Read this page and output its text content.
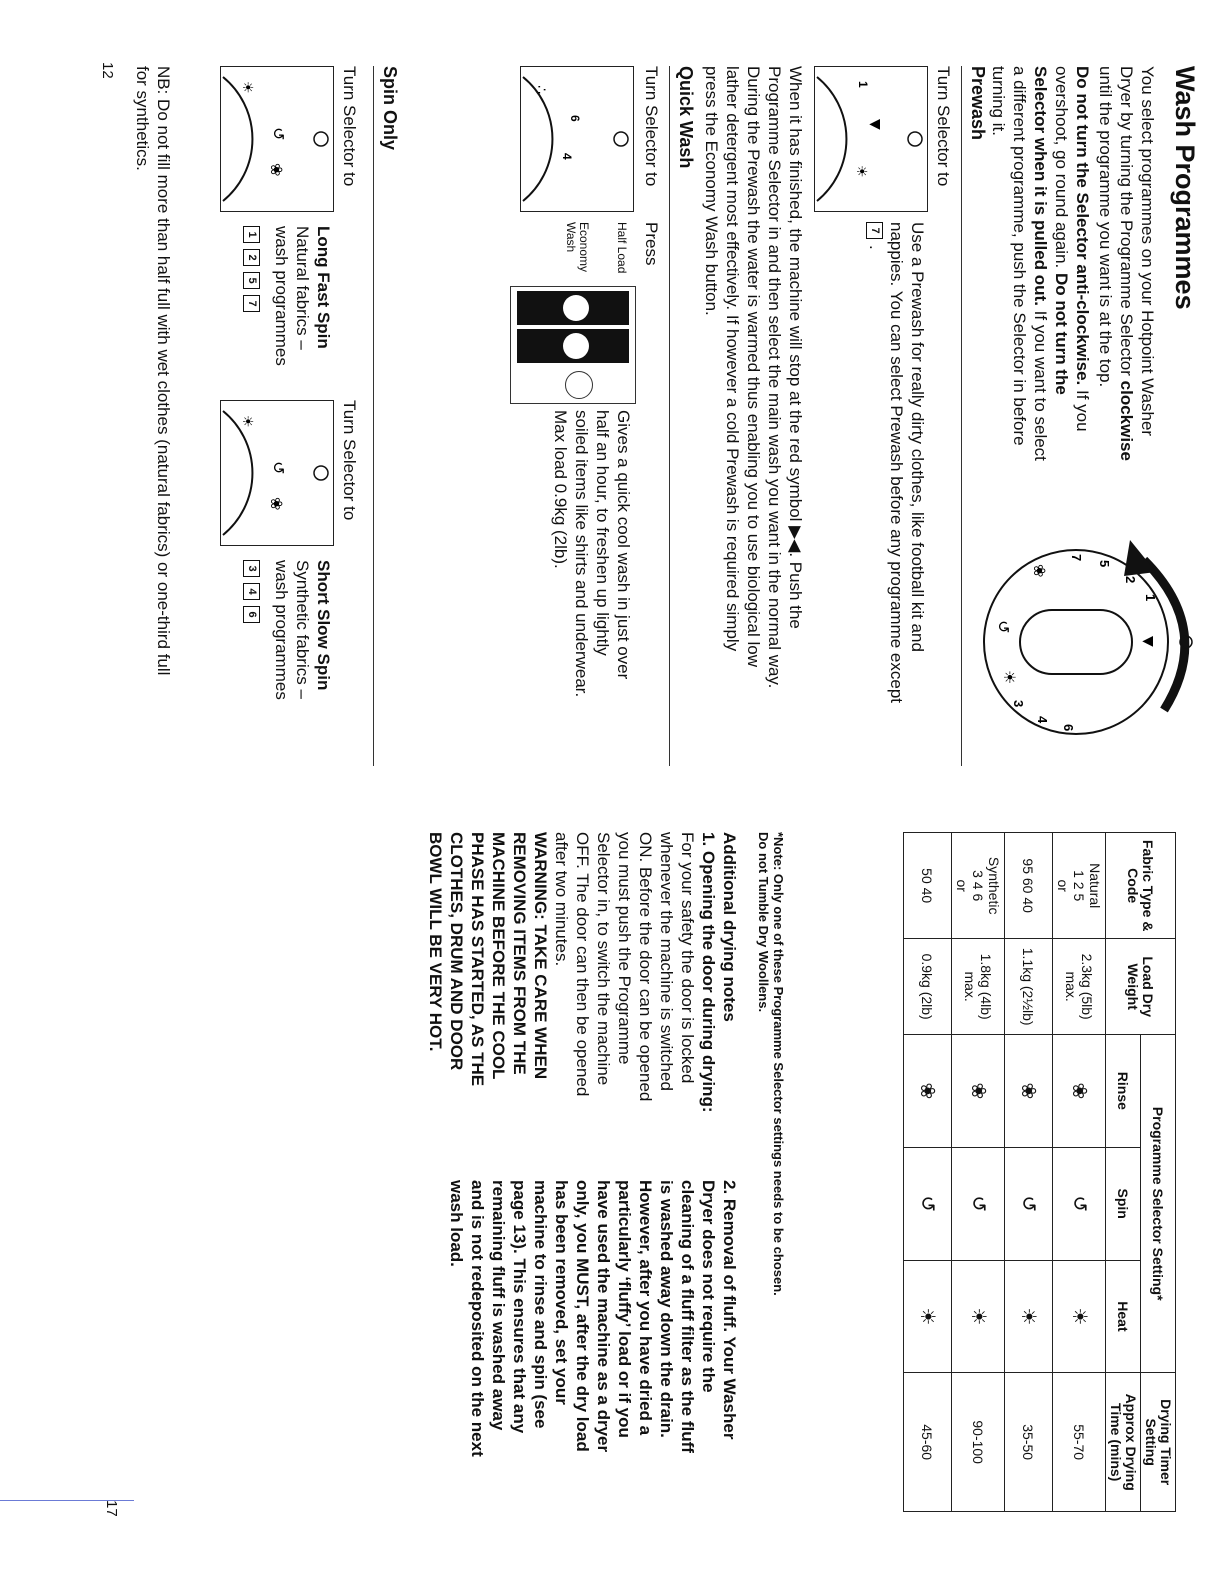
Wash Programmes
You select programmes on your Hotpoint Washer
Dryer by turning the Programme Selector clockwise
until the programme you want is at the top.
Do not turn the Selector anti-clockwise. If you
overshoot, go round again. Do not turn the
Selector when it is pulled out. If you want to select
a different programme, push the Selector in before
turning it.
1
2
5
7
❀
3
4
6
▼
☀
↺
Prewash
Turn Selector to
1
▼
☀
Use a Prewash for really dirty clothes, like football kit and
nappies. You can select Prewash before any programme except
7.
When it has finished, the machine will stop at the red symbol ▶◀. Push the
Programme Selector in and then select the main wash you want in the normal way.
During the Prewash the water is warmed thus enabling you to use biological low
lather detergent most effectively. If however a cold Prewash is required simply
press the Economy Wash button.
Quick Wash
Turn Selector to
6
4
∴
Press
Half Load
Economy Wash
Gives a quick cool wash in just over
half an hour, to freshen up lightly
soiled items like shirts and underwear.
Max load 0.9kg (2lb).
Spin Only
Turn Selector to
↺
❀
☀
Long Fast Spin
Natural fabrics –
wash programmes
1257
Turn Selector to
↺
❀
☀
Short Slow Spin
Synthetic fabrics –
wash programmes
346
NB: Do not fill more than half full with wet clothes (natural fabrics) or one-third full
for synthetics.
12
Fabric Type & Code	Load Dry Weight	Programme Selector Setting*			Drying Timer Setting
		Rinse	Spin	Heat	Approx Drying Time (mins)

Natural
1 2 5
or	2.3kg (5lb) max.	❀	↺	☀	55-70

95 60 40	1.1kg (2½lb)	❀	↺	☀	35-50

Synthetic
3 4 6
or	1.8kg (4lb) max.	❀	↺	☀	90-100

50 40	0.9kg (2lb)	❀	↺	☀	45-60
*Note: Only one of these Programme Selector settings needs to be chosen.
Do not Tumble Dry Woollens.
Additional drying notes
1. Opening the door during drying:
For your safety the door is locked
whenever the machine is switched
ON. Before the door can be opened
you must push the Programme
Selector in, to switch the machine
OFF. The door can then be opened
after two minutes.
WARNING: TAKE CARE WHEN
REMOVING ITEMS FROM THE
MACHINE BEFORE THE COOL
PHASE HAS STARTED, AS THE
CLOTHES, DRUM AND DOOR
BOWL WILL BE VERY HOT.
2. Removal of fluff. Your Washer
Dryer does not require the
cleaning of a fluff filter as the fluff
is washed away down the drain.
However, after you have dried a
particularly ‘fluffy’ load or if you
have used the machine as a dryer
only, you MUST, after the dry load
has been removed, set your
machine to rinse and spin (see
page 13). This ensures that any
remaining fluff is washed away
and is not redeposited on the next
wash load.
17
